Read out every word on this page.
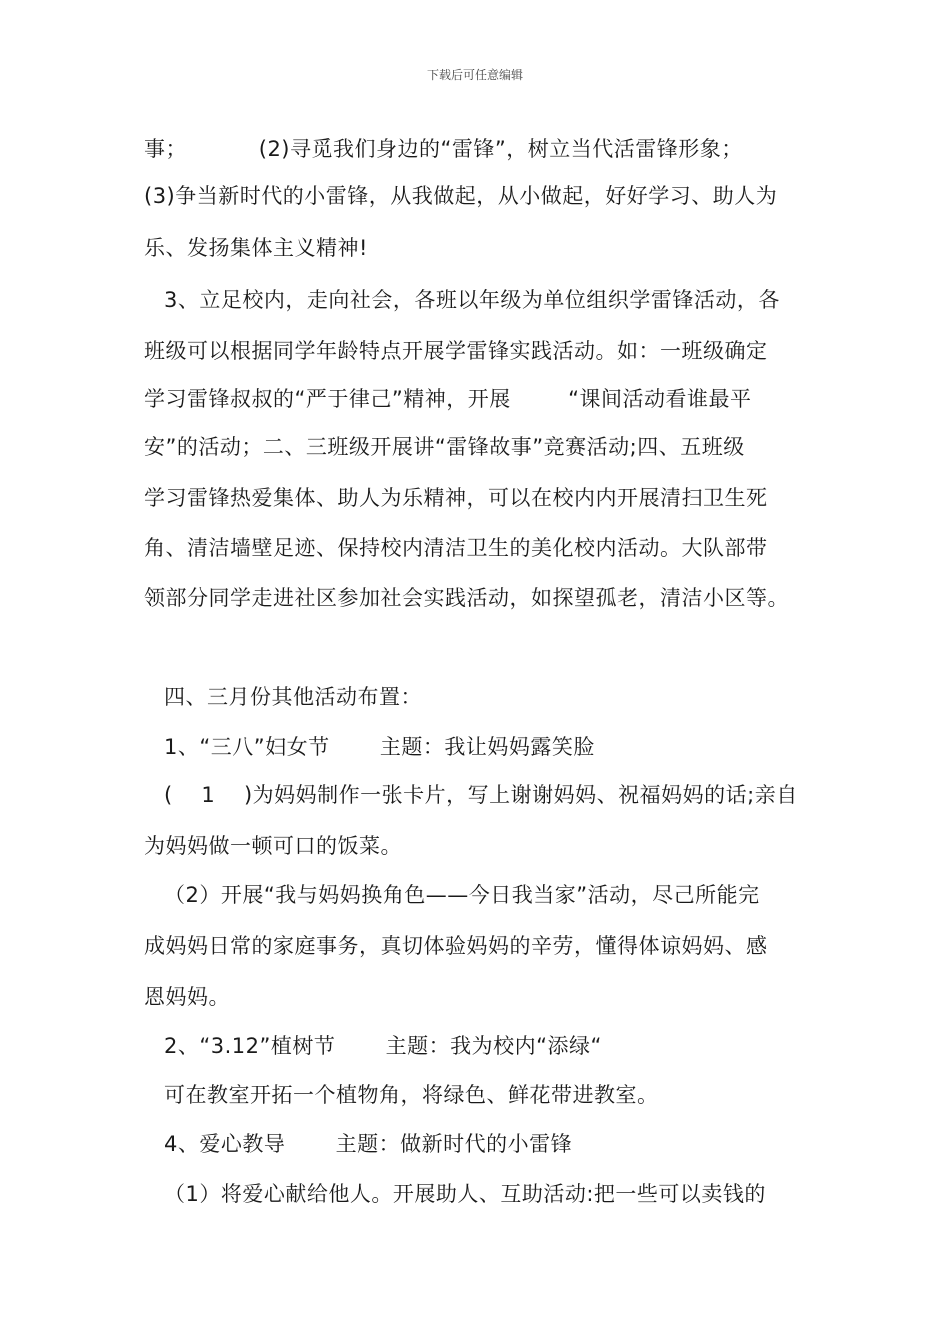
下载后可任意编辑
事；          (2)寻觅我们身边的“雷锋”，树立当代活雷锋形象；
(3)争当新时代的小雷锋，从我做起，从小做起，好好学习、助人为
乐、发扬集体主义精神!
3、立足校内，走向社会，各班以年级为单位组织学雷锋活动，各
班级可以根据同学年龄特点开展学雷锋实践活动。如：一班级确定
学习雷锋叔叔的“严于律己”精神，开展        “课间活动看谁最平
安”的活动；二、三班级开展讲“雷锋故事”竞赛活动;四、五班级
学习雷锋热爱集体、助人为乐精神，可以在校内内开展清扫卫生死
角、清洁墙壁足迹、保持校内清洁卫生的美化校内活动。大队部带
领部分同学走进社区参加社会实践活动，如探望孤老，清洁小区等。
四、三月份其他活动布置：
1、“三八”妇女节       主题：我让妈妈露笑脸
(    1    )为妈妈制作一张卡片，写上谢谢妈妈、祝福妈妈的话;亲自
为妈妈做一顿可口的饭菜。
（2）开展“我与妈妈换角色——今日我当家”活动，尽己所能完
成妈妈日常的家庭事务，真切体验妈妈的辛劳，懂得体谅妈妈、感
恩妈妈。
2、“3.12”植树节       主题：我为校内“添绿“
可在教室开拓一个植物角，将绿色、鲜花带进教室。
4、爱心教导       主题：做新时代的小雷锋
（1）将爱心献给他人。开展助人、互助活动:把一些可以卖钱的
